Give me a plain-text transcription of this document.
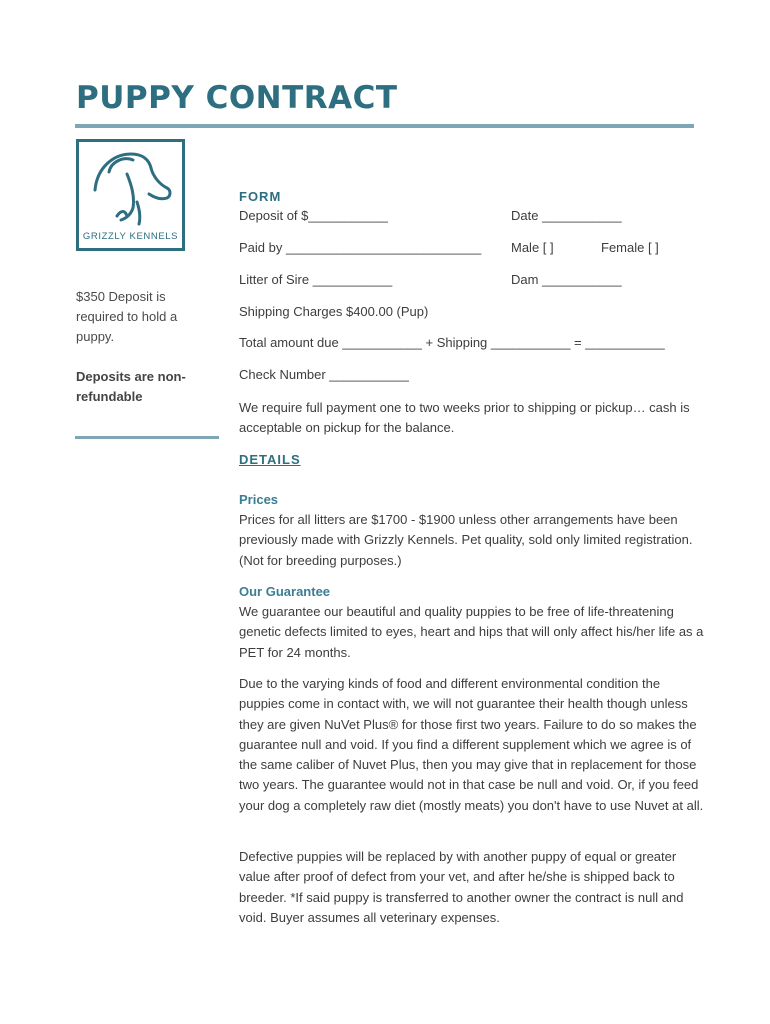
PUPPY CONTRACT
GRIZZLY KENNELS
$350 Deposit is required to hold a puppy.
Deposits are non-refundable
FORM
Deposit of $___________	Date ___________
Paid by ___________________________ Male [ ]	Female [ ]
Litter of Sire ___________	Dam ___________
Shipping Charges $400.00 (Pup)
Total amount due ___________ + Shipping ___________ = ___________
Check Number ___________
We require full payment one to two weeks prior to shipping or pickup… cash is acceptable on pickup for the balance.
DETAILS
Prices
Prices for all litters are $1700 - $1900 unless other arrangements have been previously made with Grizzly Kennels. Pet quality, sold only limited registration. (Not for breeding purposes.)
Our Guarantee
We guarantee our beautiful and quality puppies to be free of life-threatening genetic defects limited to eyes, heart and hips that will only affect his/her life as a PET for 24 months.
Due to the varying kinds of food and different environmental condition the puppies come in contact with, we will not guarantee their health though unless they are given NuVet Plus® for those first two years. Failure to do so makes the guarantee null and void. If you find a different supplement which we agree is of the same caliber of Nuvet Plus, then you may give that in replacement for those two years. The guarantee would not in that case be null and void. Or, if you feed your dog a completely raw diet (mostly meats) you don't have to use Nuvet at all.
Defective puppies will be replaced by with another puppy of equal or greater value after proof of defect from your vet, and after he/she is shipped back to breeder. *If said puppy is transferred to another owner the contract is null and void. Buyer assumes all veterinary expenses.
